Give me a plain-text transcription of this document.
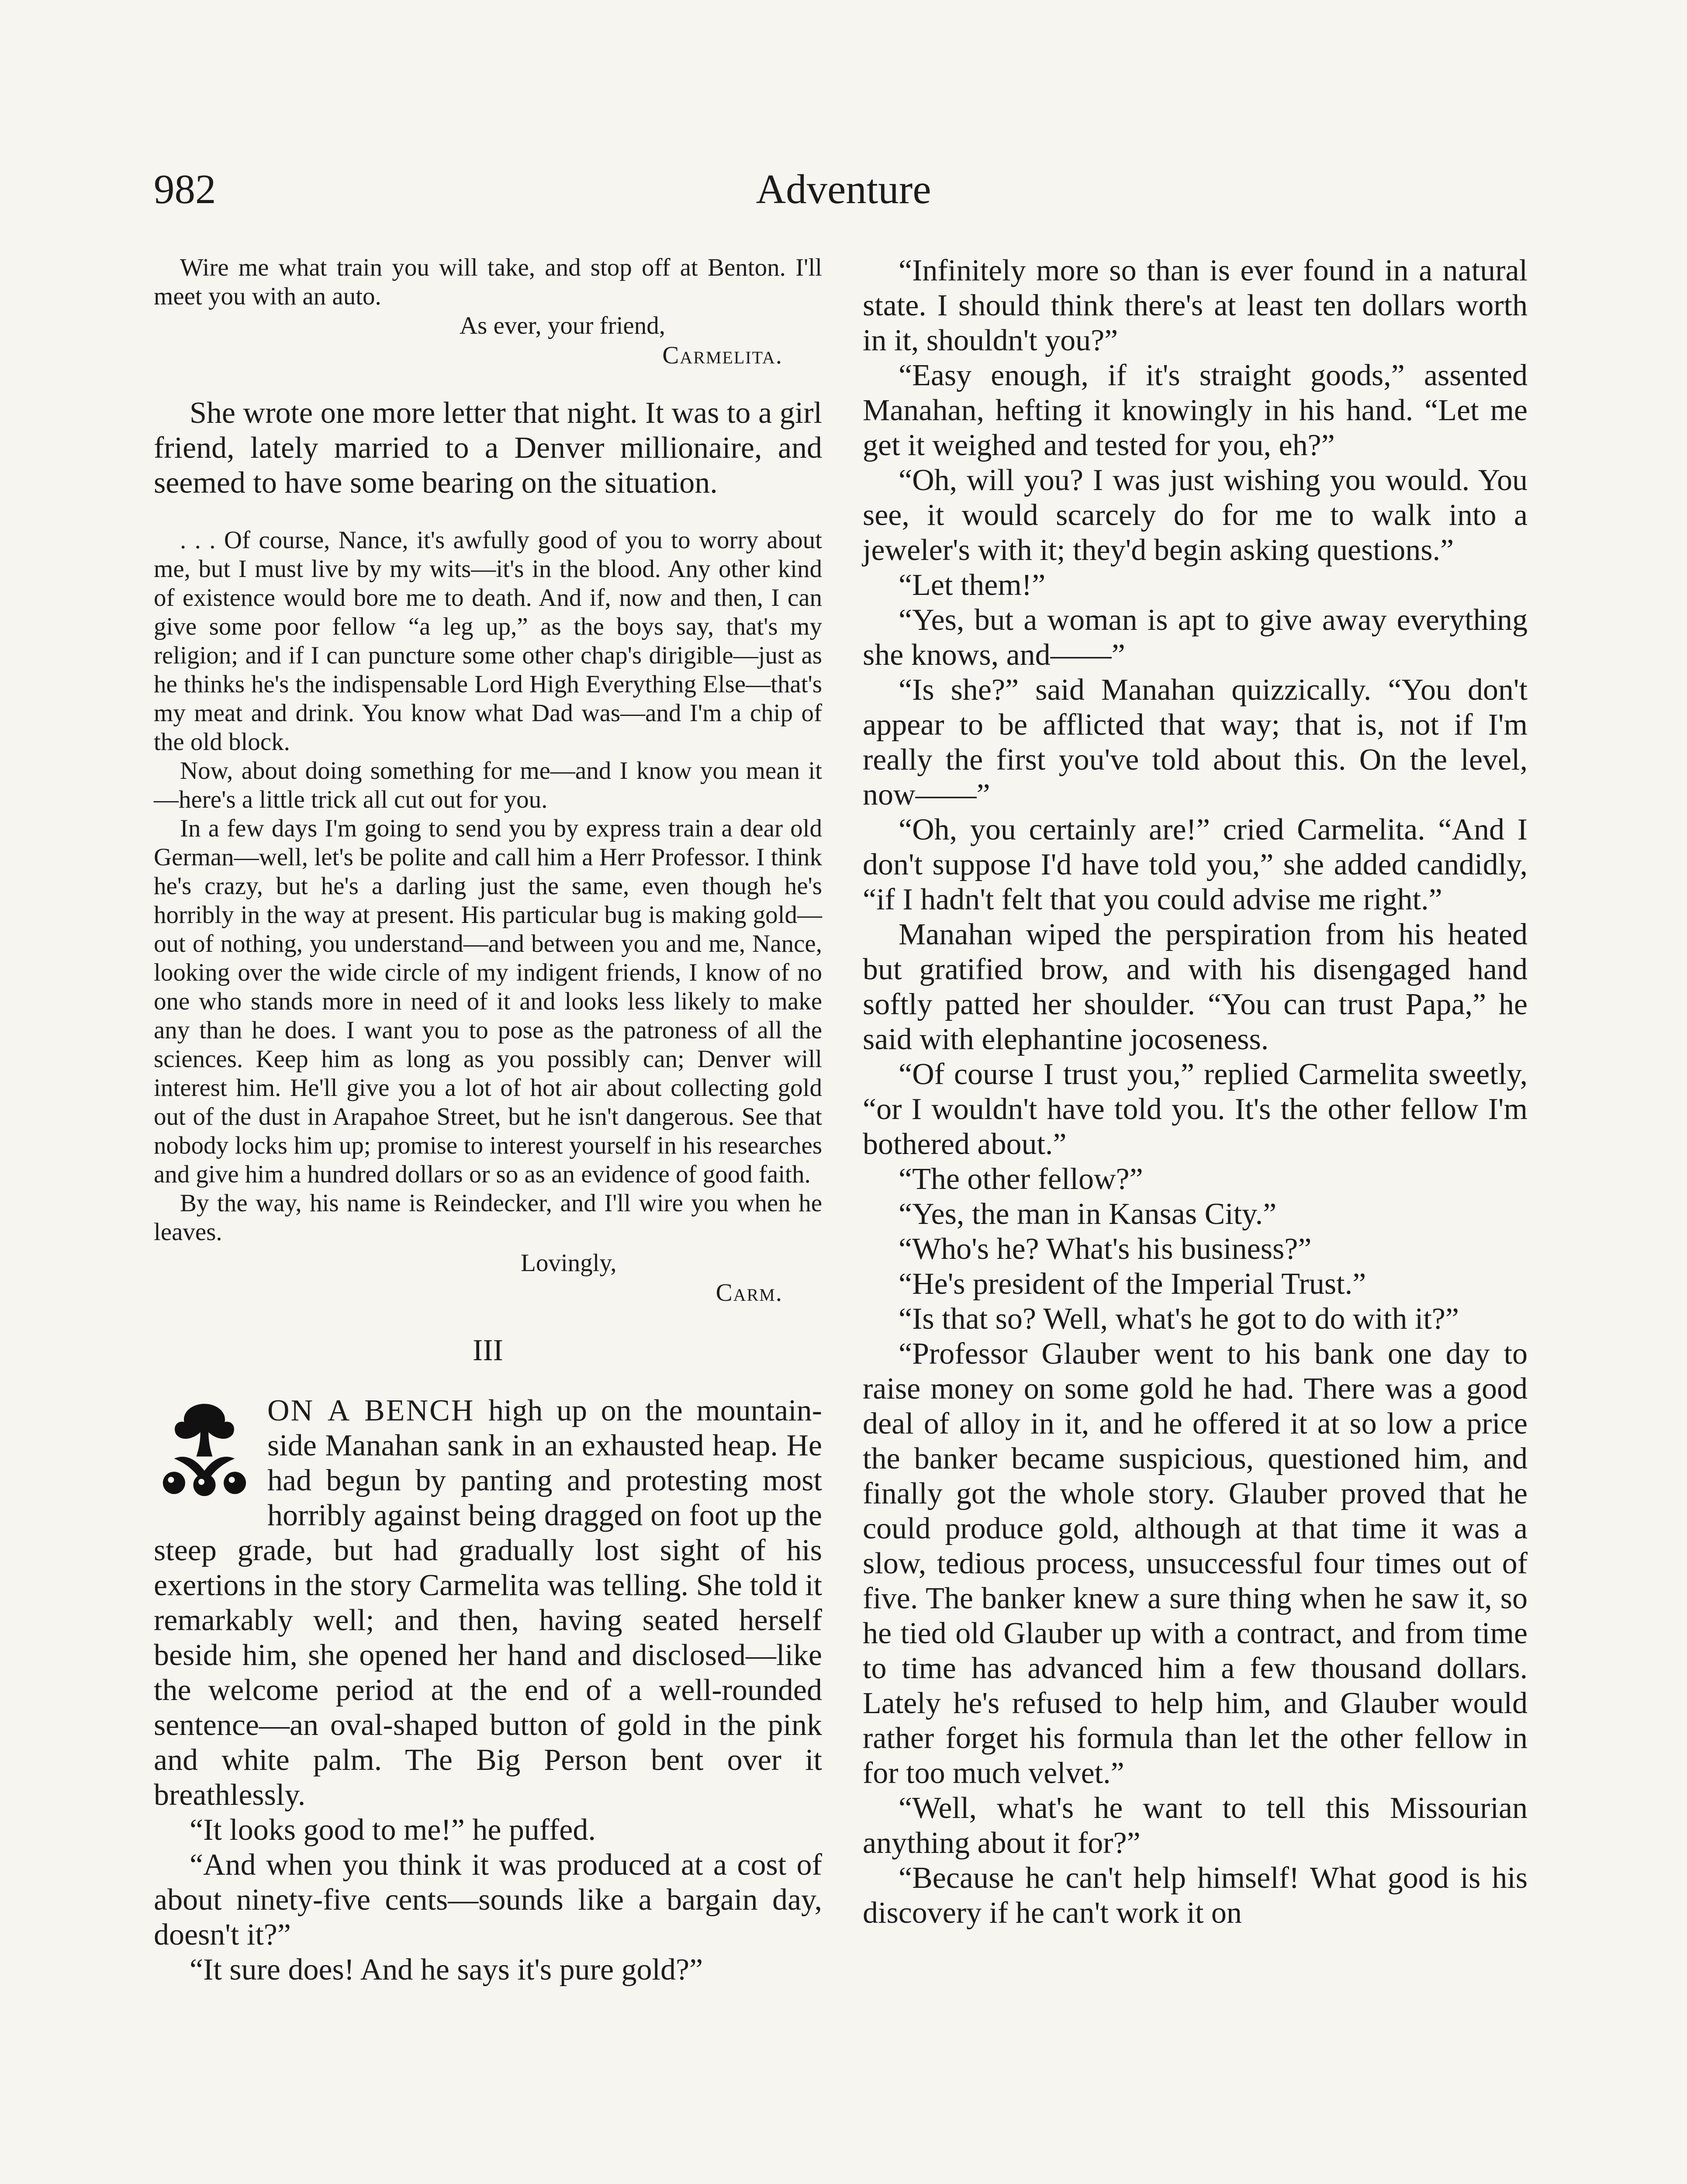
982	Adventure

Wire me what train you will take, and stop off at Benton. I'll meet you with an auto.

As ever, your friend,

Carmelita.

She wrote one more letter that night. It was to a girl friend, lately married to a Denver millionaire, and seemed to have some bearing on the situation.

. . . Of course, Nance, it's awfully good of you to worry about me, but I must live by my wits—it's in the blood. Any other kind of existence would bore me to death. And if, now and then, I can give some poor fellow “a leg up,” as the boys say, that's my religion; and if I can puncture some other chap's dirigible—just as he thinks he's the indispensable Lord High Everything Else—that's my meat and drink. You know what Dad was—and I'm a chip of the old block.

Now, about doing something for me—and I know you mean it—here's a little trick all cut out for you.

In a few days I'm going to send you by express train a dear old German—well, let's be polite and call him a Herr Professor. I think he's crazy, but he's a darling just the same, even though he's horribly in the way at present. His particular bug is making gold—out of nothing, you understand—and between you and me, Nance, looking over the wide circle of my indigent friends, I know of no one who stands more in need of it and looks less likely to make any than he does. I want you to pose as the patroness of all the sciences. Keep him as long as you possibly can; Denver will interest him. He'll give you a lot of hot air about collecting gold out of the dust in Arapahoe Street, but he isn't dangerous. See that nobody locks him up; promise to interest yourself in his researches and give him a hundred dollars or so as an evidence of good faith.

By the way, his name is Reindecker, and I'll wire you when he leaves.

Lovingly,

Carm.

III

ON A BENCH high up on the mountain-side Manahan sank in an exhausted heap. He had begun by panting and protesting most horribly against being dragged on foot up the steep grade, but had gradually lost sight of his exertions in the story Carmelita was telling. She told it remarkably well; and then, having seated herself beside him, she opened her hand and disclosed—like the welcome period at the end of a well-rounded sentence—an oval-shaped button of gold in the pink and white palm. The Big Person bent over it breathlessly.

“It looks good to me!” he puffed.

“And when you think it was produced at a cost of about ninety-five cents—sounds like a bargain day, doesn't it?”

“It sure does! And he says it's pure gold?”

“Infinitely more so than is ever found in a natural state. I should think there's at least ten dollars worth in it, shouldn't you?”

“Easy enough, if it's straight goods,” assented Manahan, hefting it knowingly in his hand. “Let me get it weighed and tested for you, eh?”

“Oh, will you? I was just wishing you would. You see, it would scarcely do for me to walk into a jeweler's with it; they'd begin asking questions.”

“Let them!”

“Yes, but a woman is apt to give away everything she knows, and——”

“Is she?” said Manahan quizzically. “You don't appear to be afflicted that way; that is, not if I'm really the first you've told about this. On the level, now——”

“Oh, you certainly are!” cried Carmelita. “And I don't suppose I'd have told you,” she added candidly, “if I hadn't felt that you could advise me right.”

Manahan wiped the perspiration from his heated but gratified brow, and with his disengaged hand softly patted her shoulder. “You can trust Papa,” he said with elephantine jocoseness.

“Of course I trust you,” replied Carmelita sweetly, “or I wouldn't have told you. It's the other fellow I'm bothered about.”

“The other fellow?”

“Yes, the man in Kansas City.”

“Who's he? What's his business?”

“He's president of the Imperial Trust.”

“Is that so? Well, what's he got to do with it?”

“Professor Glauber went to his bank one day to raise money on some gold he had. There was a good deal of alloy in it, and he offered it at so low a price the banker became suspicious, questioned him, and finally got the whole story. Glauber proved that he could produce gold, although at that time it was a slow, tedious process, unsuccessful four times out of five. The banker knew a sure thing when he saw it, so he tied old Glauber up with a contract, and from time to time has advanced him a few thousand dollars. Lately he's refused to help him, and Glauber would rather forget his formula than let the other fellow in for too much velvet.”

“Well, what's he want to tell this Missourian anything about it for?”

“Because he can't help himself! What good is his discovery if he can't work it on
